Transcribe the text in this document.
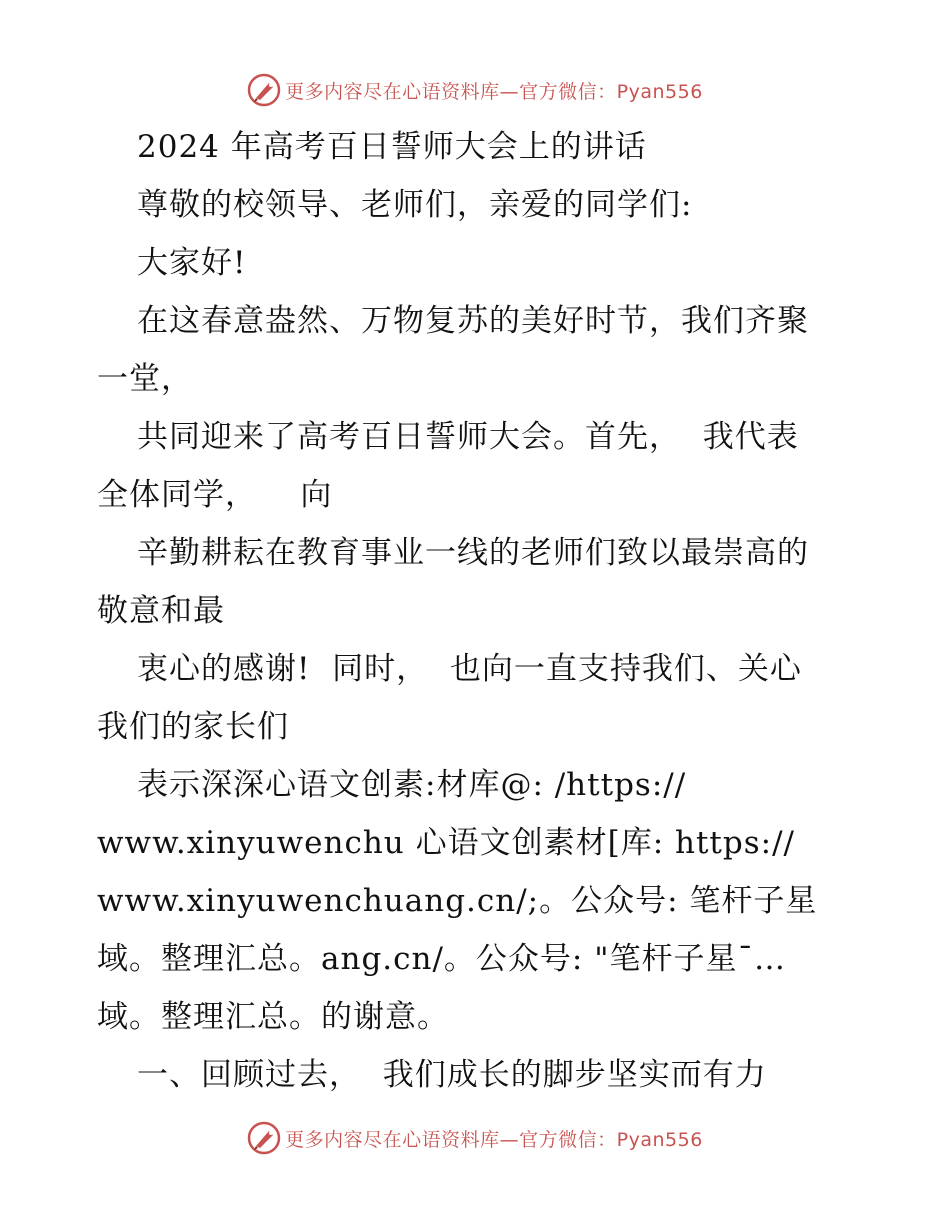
更多内容尽在心语资料库—官方微信：Pyan556
2024 年高考百日誓师大会上的讲话
尊敬的校领导、老师们，亲爱的同学们:
大家好!
在这春意盎然、万物复苏的美好时节，我们齐聚
一堂，
共同迎来了高考百日誓师大会。首先，  我代表
全体同学，    向
辛勤耕耘在教育事业一线的老师们致以最崇高的
敬意和最
衷心的感谢!  同时，  也向一直支持我们、关心
我们的家长们
表示深深心语文创素:材库@: /https://
www.xinyuwenchu 心语文创素材[库: https://
www.xinyuwenchuang.cn/;。公众号: 笔杆子星
域。整理汇总。ang.cn/。公众号: "笔杆子星¯…
域。整理汇总。的谢意。
一、回顾过去，  我们成长的脚步坚实而有力
更多内容尽在心语资料库—官方微信：Pyan556
